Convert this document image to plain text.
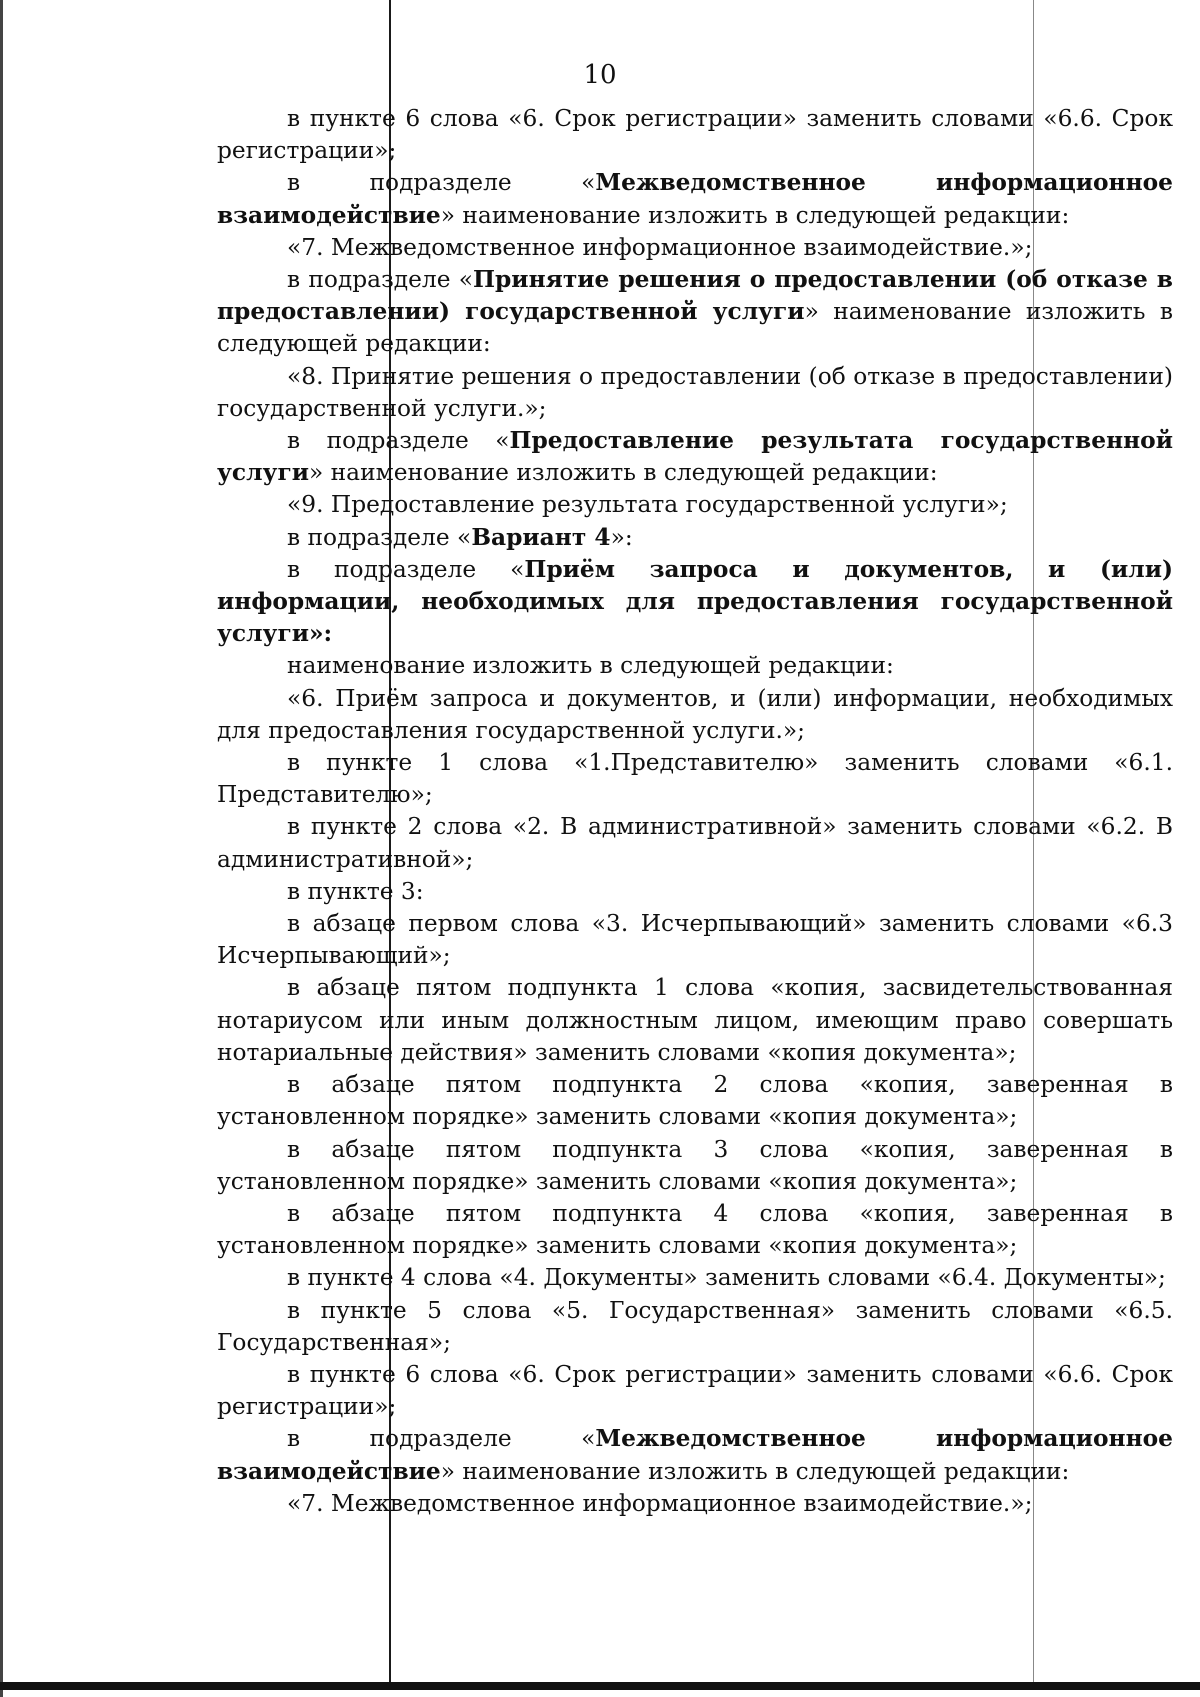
10

в пункте 6 слова «6. Срок регистрации» заменить словами «6.6. Срок регистрации»;

в подразделе «Межведомственное информационное взаимодействие» наименование изложить в следующей редакции:

«7. Межведомственное информационное взаимодействие.»;

в подразделе «Принятие решения о предоставлении (об отказе в предоставлении) государственной услуги» наименование изложить в следующей редакции:

«8. Принятие решения о предоставлении (об отказе в предоставлении) государственной услуги.»;

в подразделе «Предоставление результата государственной услуги» наименование изложить в следующей редакции:

«9. Предоставление результата государственной услуги»;

в подразделе «Вариант 4»:

в подразделе «Приём запроса и документов, и (или) информации, необходимых для предоставления государственной услуги»:

наименование изложить в следующей редакции:

«6. Приём запроса и документов, и (или) информации, необходимых для предоставления государственной услуги.»;

в пункте 1 слова «1.Представителю» заменить словами «6.1. Представителю»;

в пункте 2 слова «2. В административной» заменить словами «6.2. В административной»;

в пункте 3:

в абзаце первом слова «3. Исчерпывающий» заменить словами «6.3 Исчерпывающий»;

в абзаце пятом подпункта 1 слова «копия, засвидетельствованная нотариусом или иным должностным лицом, имеющим право совершать нотариальные действия» заменить словами «копия документа»;

в абзаце пятом подпункта 2 слова «копия, заверенная в установленном порядке» заменить словами «копия документа»;

в абзаце пятом подпункта 3 слова «копия, заверенная в установленном порядке» заменить словами «копия документа»;

в абзаце пятом подпункта 4 слова «копия, заверенная в установленном порядке» заменить словами «копия документа»;

в пункте 4 слова «4. Документы» заменить словами «6.4. Документы»;

в пункте 5 слова «5. Государственная» заменить словами «6.5. Государственная»;

в пункте 6 слова «6. Срок регистрации» заменить словами «6.6. Срок регистрации»;

в подразделе «Межведомственное информационное взаимодействие» наименование изложить в следующей редакции:

«7. Межведомственное информационное взаимодействие.»;
